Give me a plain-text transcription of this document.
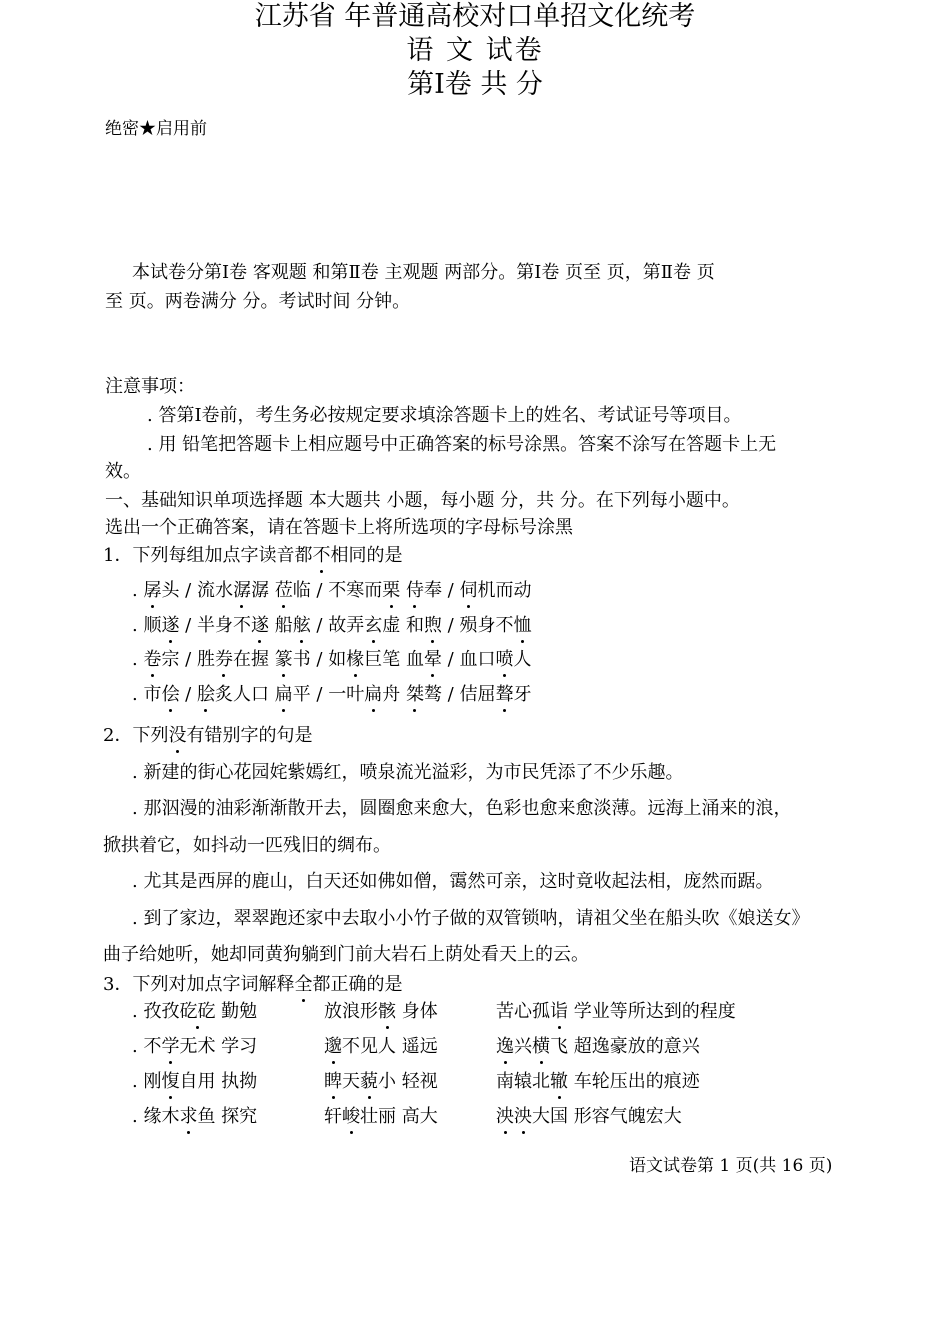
绝密★启用前
江苏省 年普通高校对口单招文化统考
语 文 试卷
本试卷分第Ⅰ卷 客观题 和第Ⅱ卷 主观题 两部分。第Ⅰ卷 页至 页，第Ⅱ卷 页
至 页。两卷满分 分。考试时间 分钟。
第Ⅰ卷 共 分
注意事项：
. 答第Ⅰ卷前，考生务必按规定要求填涂答题卡上的姓名、考试证号等项目。
. 用 铅笔把答题卡上相应题号中正确答案的标号涂黑。答案不涂写在答题卡上无
效。
一、基础知识单项选择题 本大题共 小题，每小题 分，共 分。在下列每小题中。
选出一个正确答案，请在答题卡上将所选项的字母标号涂黑
1．下列每组加点字读音都不相同的是
. 孱头 / 流水潺潺 莅临 / 不寒而栗 侍奉 / 伺机而动
. 顺遂 / 半身不遂 船舷 / 故弄玄虚 和煦 / 殒身不恤
. 卷宗 / 胜券在握 篆书 / 如椽巨笔 血晕 / 血口喷人
. 市侩 / 脍炙人口 扁平 / 一叶扁舟 桀骜 / 佶屈聱牙
2．下列没有错别字的句是
. 新建的街心花园姹紫嫣红，喷泉流光溢彩，为市民凭添了不少乐趣。
. 那泅漫的油彩渐渐散开去，圆圈愈来愈大，色彩也愈来愈淡薄。远海上涌来的浪，
掀拱着它，如抖动一匹残旧的绸布。
. 尤其是西屏的鹿山，白天还如佛如僧，霭然可亲，这时竟收起法相，庞然而踞。
. 到了家边，翠翠跑还家中去取小小竹子做的双管锁呐，请祖父坐在船头吹《娘送女》
曲子给她听，她却同黄狗躺到门前大岩石上荫处看天上的云。
3．下列对加点字词解释全都正确的是
. 孜孜矻矻 勤勉	放浪形骸 身体	苦心孤诣 学业等所达到的程度
. 不学无术 学习	邈不见人 遥远	逸兴横飞 超逸豪放的意兴
. 刚愎自用 执拗	睥天藐小 轻视	南辕北辙 车轮压出的痕迹
. 缘木求鱼 探究	轩峻壮丽 高大	泱泱大国 形容气魄宏大
语文试卷第 1 页(共 16 页)
